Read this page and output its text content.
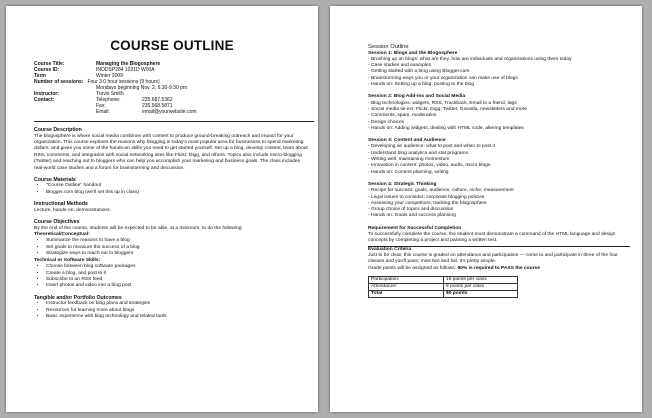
COURSE OUTLINE
Course Title:	Managing the Blogosphere
Course ID:	INODSP284 1021D W00A
Term	Winter 2009
Number of sessions: Four 3.0 hour sessions (9 hours)
Mondays beginning Nov. 2, 6:30-9:30 pm
Instructor:	Travis Smith
Contact:	Telephone:	235.687.5362
Fax:	235.568.5871
Email:	email@yourwebsite.com
Course Description
The blogosphere is where social media combines with content to produce ground-breaking outreach and impact for your organization. This course explores the reasons why blogging is today's most popular area for businesses to spend marketing dollars, and gives you some of the hands-on skills you need to get started yourself. Set up a blog, develop content, learn about RSS, comments, and integration with social networking sites like Flickr, Digg, and others. Topics also include micro-blogging (Twitter) and reaching out to bloggers who can help you accomplish your marketing and business goals. The class includes real-world case studies and a forum for brainstorming and discussion.
Course Materials
• "Course Outline" handout
• Blogger.com blog (we'll set this up in class)
Instructional Methods
Lecture, hands-on, demonstrations.
Course Objectives
By the end of the course, students will be expected to be able, at a minimum, to do the following:
Theoretical/Conceptual:
• Summarize the reasons to have a blog
• Set goals to measure the success of a blog
• Strategize ways to reach out to bloggers
Technical or Software Skills:
• Choose between blog software packages
• Create a blog, and post to it
• Subscribe to an RSS feed
• Insert photos and video into a blog post
Tangible and/or Portfolio Outcomes
• Instructor feedback on blog plans and strategies
• Resources for learning more about blogs
• Basic experience with blog technology and related tools
Session Outline
Session 1: Blogs and the Blogosphere
- Brushing up on blogs: what are they, how are individuals and organizations using them today
- Case studies and examples
- Getting started with a blog using Blogger.com
- Brainstorming ways you or your organization can make use of blogs
- Hands on: Setting up a blog, posting to the blog
Session 2: Blog Add-ins and Social Media
- Blog technologies: widgets, RSS, Trackback, Email to a friend, tags
- Social media tie-ins: Flickr, Digg, Twitter, Gowalla, newsletters and more
- Comments, spam, moderation
- Design choices
- Hands on: Adding widgets, dealing with HTML code, altering templates
Session 3: Content and Audience
- Developing an audience: what to post and when to post it
- Understand blog analytics and stat programs
- Writing well, maintaining momentum
- Innovation in content: photos, video, audio, micro blogs
- Hands on: Content planning, writing
Session 4: Strategic Thinking
- Recipe for success: goals, audience, culture, niche, measurement
- Legal issues to consider; corporate blogging policies
- Assessing your competitors; tracking the blogosphere
- Group choice of topics and discussion
- Hands on: Goals and success planning
Requirement for Successful Completion
To successfully complete the course, the student must demonstrate a command of the HTML language and design concepts by completing a project and passing a written test.
Evaluation Criteria
Just to be clear, this course is graded on attendance and participation — come to and participate in three of the four classes and you'll pass; miss two and fail. It's pretty simple.
Grade points will be assigned as follows: 60% is required to PASS the course
Participation:	15 points per class
Attendance:	5 points per class
Total	80 points
